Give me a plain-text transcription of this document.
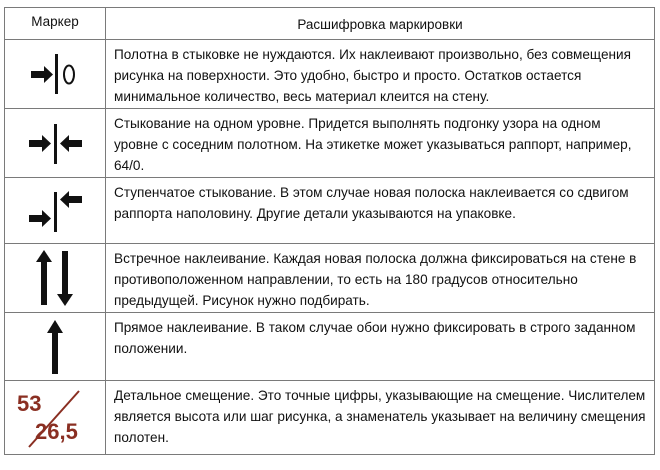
Маркер	Расшифровка маркировки
Полотна в стыковке не нуждаются. Их наклеивают произвольно, без совмещения рисунка на поверхности. Это удобно, быстро и просто. Остатков остается минимальное количество, весь материал клеится на стену.
Стыкование на одном уровне. Придется выполнять подгонку узора на одном уровне с соседним полотном. На этикетке может указываться раппорт, например, 64/0.
Ступенчатое стыкование. В этом случае новая полоска наклеивается со сдвигом раппорта наполовину. Другие детали указываются на упаковке.
Встречное наклеивание. Каждая новая полоска должна фиксироваться на стене в противоположенном направлении, то есть на 180 градусов относительно предыдущей. Рисунок нужно подбирать.
Прямое наклеивание. В таком случае обои нужно фиксировать в строго заданном положении.
53
26,5
Детальное смещение. Это точные цифры, указывающие на смещение. Числителем является высота или шаг рисунка, а знаменатель указывает на величину смещения полотен.
